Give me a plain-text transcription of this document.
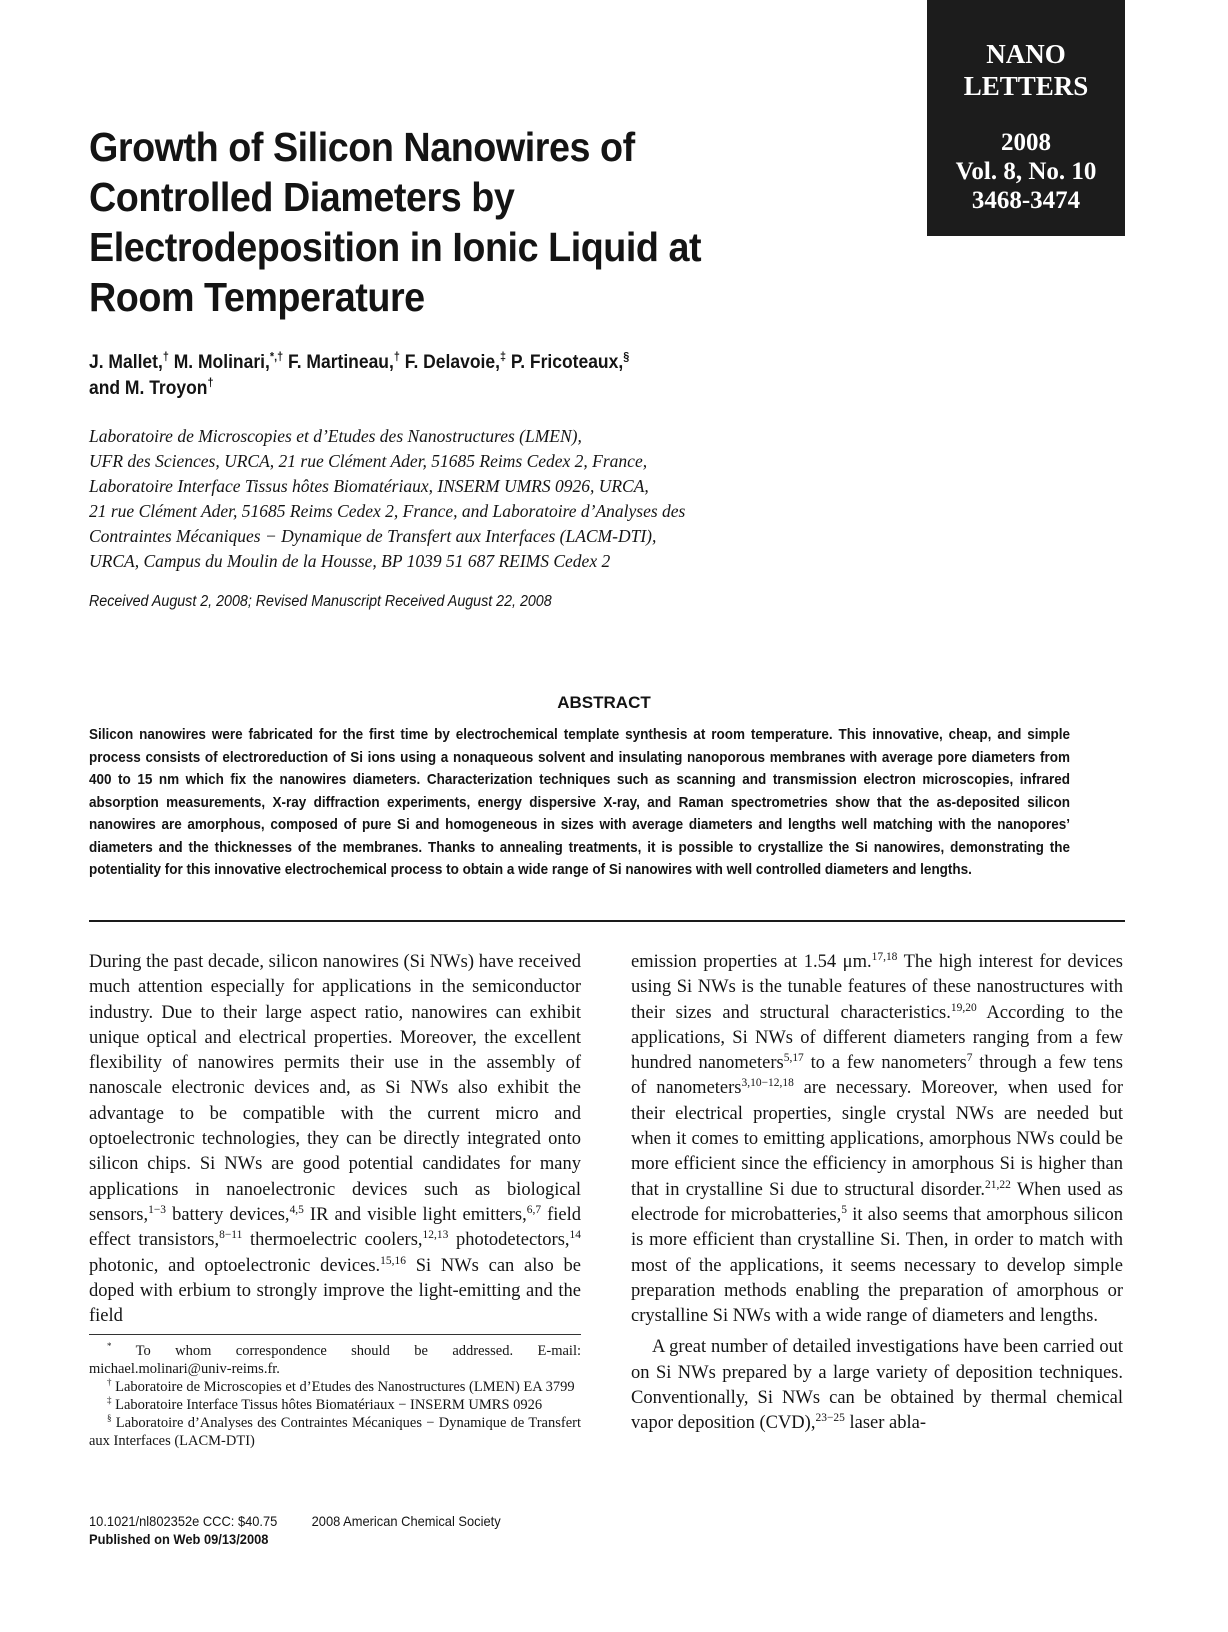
NANO
LETTERS
2008
Vol. 8, No. 10
3468-3474
Growth of Silicon Nanowires of
Controlled Diameters by
Electrodeposition in Ionic Liquid at
Room Temperature
J. Mallet,† M. Molinari,*,† F. Martineau,† F. Delavoie,‡ P. Fricoteaux,§
and M. Troyon†
Laboratoire de Microscopies et d’Etudes des Nanostructures (LMEN),
UFR des Sciences, URCA, 21 rue Clément Ader, 51685 Reims Cedex 2, France,
Laboratoire Interface Tissus hôtes Biomatériaux, INSERM UMRS 0926, URCA,
21 rue Clément Ader, 51685 Reims Cedex 2, France, and Laboratoire d’Analyses des
Contraintes Mécaniques − Dynamique de Transfert aux Interfaces (LACM-DTI),
URCA, Campus du Moulin de la Housse, BP 1039 51 687 REIMS Cedex 2
Received August 2, 2008; Revised Manuscript Received August 22, 2008
ABSTRACT

Silicon nanowires were fabricated for the first time by electrochemical template synthesis at room temperature. This innovative, cheap, and simple process consists of electroreduction of Si ions using a nonaqueous solvent and insulating nanoporous membranes with average pore diameters from 400 to 15 nm which fix the nanowires diameters. Characterization techniques such as scanning and transmission electron microscopies, infrared absorption measurements, X-ray diffraction experiments, energy dispersive X-ray, and Raman spectrometries show that the as-deposited silicon nanowires are amorphous, composed of pure Si and homogeneous in sizes with average diameters and lengths well matching with the nanopores’ diameters and the thicknesses of the membranes. Thanks to annealing treatments, it is possible to crystallize the Si nanowires, demonstrating the potentiality for this innovative electrochemical process to obtain a wide range of Si nanowires with well controlled diameters and lengths.

During the past decade, silicon nanowires (Si NWs) have received much attention especially for applications in the semiconductor industry. Due to their large aspect ratio, nanowires can exhibit unique optical and electrical properties. Moreover, the excellent flexibility of nanowires permits their use in the assembly of nanoscale electronic devices and, as Si NWs also exhibit the advantage to be compatible with the current micro and optoelectronic technologies, they can be directly integrated onto silicon chips. Si NWs are good potential candidates for many applications in nanoelectronic devices such as biological sensors,$^{1-3}$ battery devices,$^{4,5}$ IR and visible light emitters,$^{6,7}$ field effect transistors,$^{8-11}$ thermoelectric coolers,$^{12,13}$ photodetectors,$^{14}$ photonic, and optoelectronic devices.$^{15,16}$ Si NWs can also be doped with erbium to strongly improve the light-emitting and the field

emission properties at 1.54 μm.$^{17,18}$ The high interest for devices using Si NWs is the tunable features of these nanostructures with their sizes and structural characteristics.$^{19,20}$ According to the applications, Si NWs of different diameters ranging from a few hundred nanometers$^{5,17}$ to a few nanometers$^7$ through a few tens of nanometers$^{3,10-12,18}$ are necessary. Moreover, when used for their electrical properties, single crystal NWs are needed but when it comes to emitting applications, amorphous NWs could be more efficient since the efficiency in amorphous Si is higher than that in crystalline Si due to structural disorder.$^{21,22}$ When used as electrode for microbatteries,$^5$ it also seems that amorphous silicon is more efficient than crystalline Si. Then, in order to match with most of the applications, it seems necessary to develop simple preparation methods enabling the preparation of amorphous or crystalline Si NWs with a wide range of diameters and lengths.

A great number of detailed investigations have been carried out on Si NWs prepared by a large variety of deposition techniques. Conventionally, Si NWs can be obtained by thermal chemical vapor deposition (CVD),$^{23-25}$ laser abla-

* To whom correspondence should be addressed. E-mail: michael.molinari@univ-reims.fr.

† Laboratoire de Microscopies et d’Etudes des Nanostructures (LMEN) EA 3799

‡ Laboratoire Interface Tissus hôtes Biomatériaux − INSERM UMRS 0926

§ Laboratoire d’Analyses des Contraintes Mécaniques − Dynamique de Transfert aux Interfaces (LACM-DTI)

10.1021/nl802352e CCC: $40.75 2008 American Chemical Society
Published on Web 09/13/2008
